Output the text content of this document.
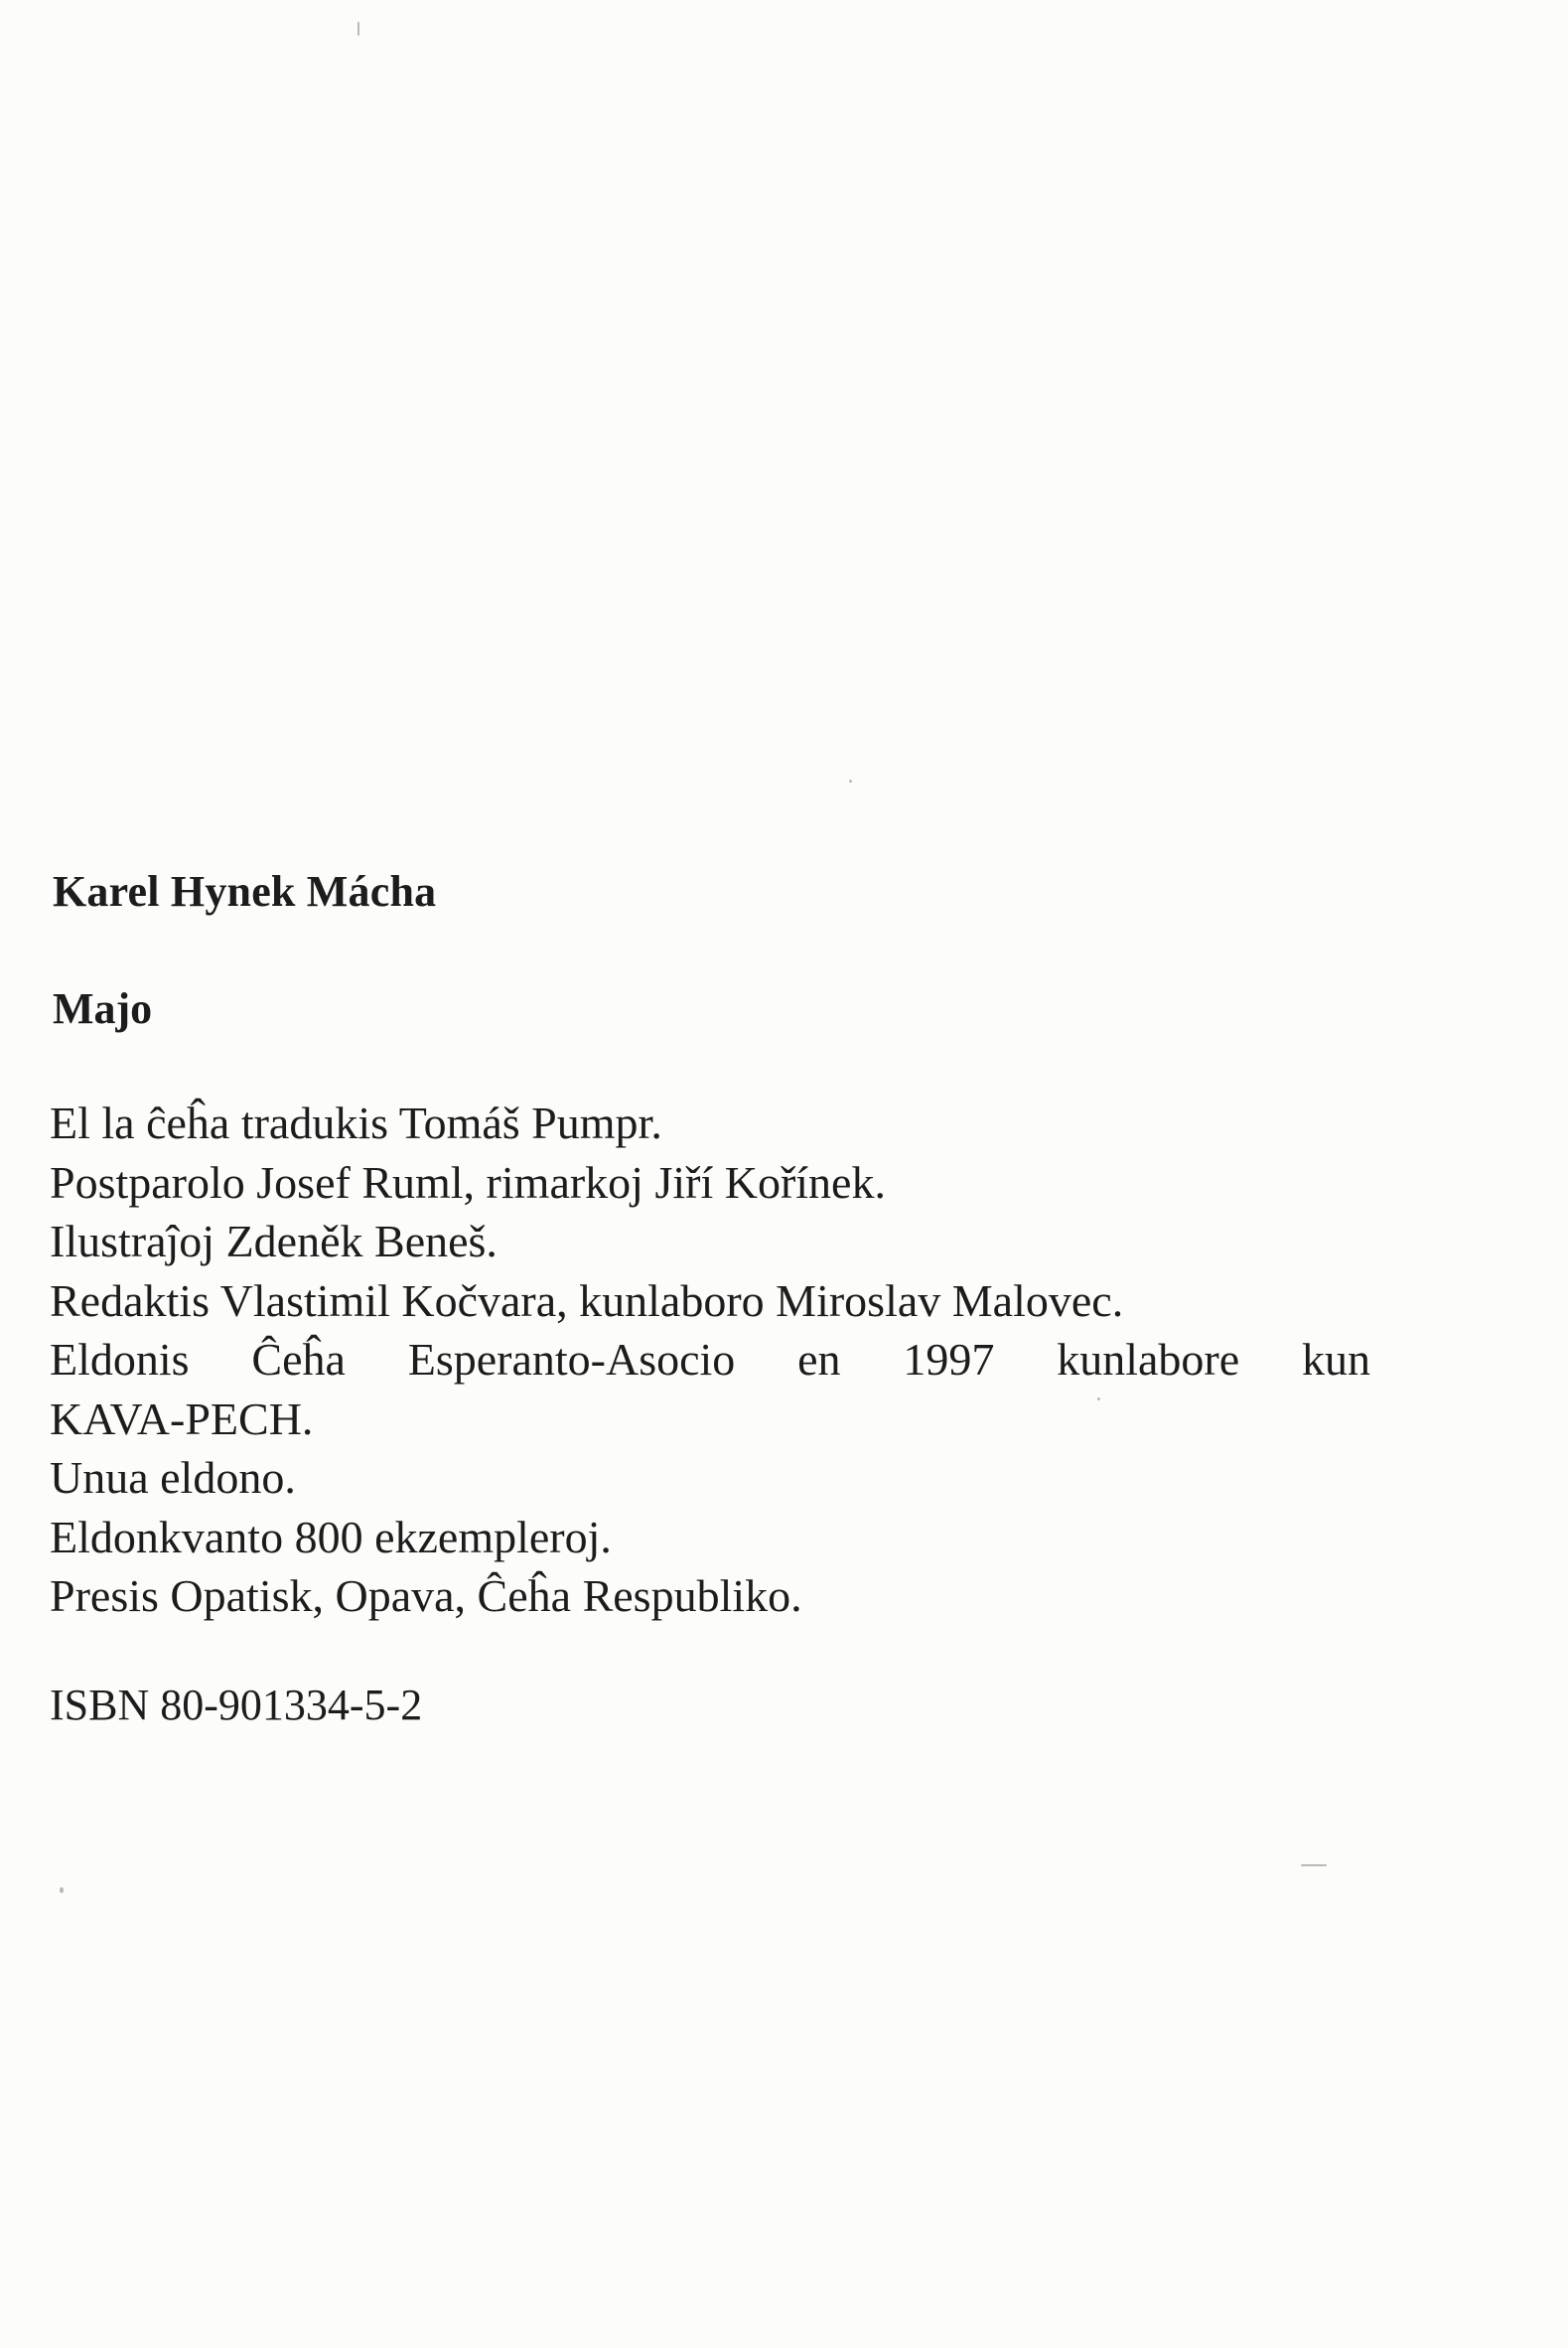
Karel Hynek Mácha
Majo
El la ĉeĥa tradukis Tomáš Pumpr.
Postparolo Josef Ruml, rimarkoj Jiří Kořínek.
Ilustraĵoj Zdeněk Beneš.
Redaktis Vlastimil Kočvara, kunlaboro Miroslav Malovec.
Eldonis Ĉeĥa Esperanto-Asocio en 1997 kunlabore kun
KAVA-PECH.
Unua eldono.
Eldonkvanto 800 ekzempleroj.
Presis Opatisk, Opava, Ĉeĥa Respubliko.
ISBN 80-901334-5-2
